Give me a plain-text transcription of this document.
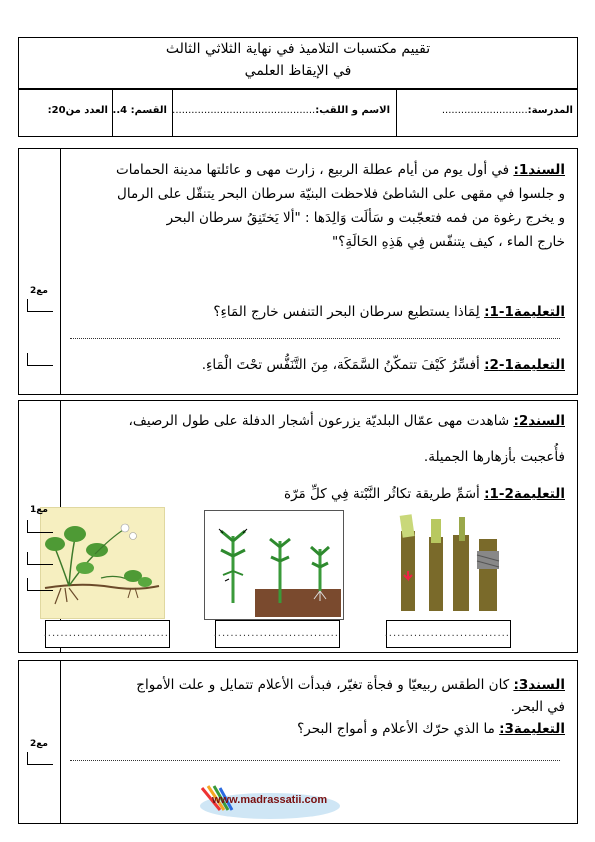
تقييم مكتسبات التلاميذ في نهاية الثلاثي الثالث
في الإيقاظ العلمي
المدرسة:...........................
الاسم و اللقب:.............................................
القسم: 4..
العدد من20:
السند1: في أول يوم من أيام عطلة الربيع ، زارت مهى و عائلتها مدينة الحمامات
و جلسوا في مقهى على الشاطئ فلاحظت البنيّة سرطان البحر يتنقّل على الرمال
و يخرج رغوة من فمه فتعجّبت و سَألَت وَالِدَها : "ألا يَختَنِقُ سرطان البحر
خارج الماء ، كيف يتنفّس فِي هَذِهِ الحَالَةِ؟"
التعليمة1-1: لِمَاذا يستطيع سرطان البحر التنفس خارج المَاءِ؟
التعليمة1-2: أفسِّرُ كَيْفَ تتمكّنُ السَّمَكَة، مِنَ التَّنَفُّس تحْتَ الْمَاءِ.
مع2
السند2: شاهدت مهى عمّال البلديّة يزرعون أشجار الدفلة على طول الرصيف،
فأُعجبت بأزهارها الجميلة.
التعليمة2-1: أسَمِّ طريقة تكاثُر النَّبْتة فِي كلِّ مَرّة
..............................	..............................	..............................
مع1
السند3: كان الطقس ربيعيّا و فجأة تغيّر، فبدأت الأعلام تتمايل و علت الأمواج
في البحر.
التعليمة3: ما الذي حرّك الأعلام و أمواج البحر؟
مع2
www.madrassatii.com
